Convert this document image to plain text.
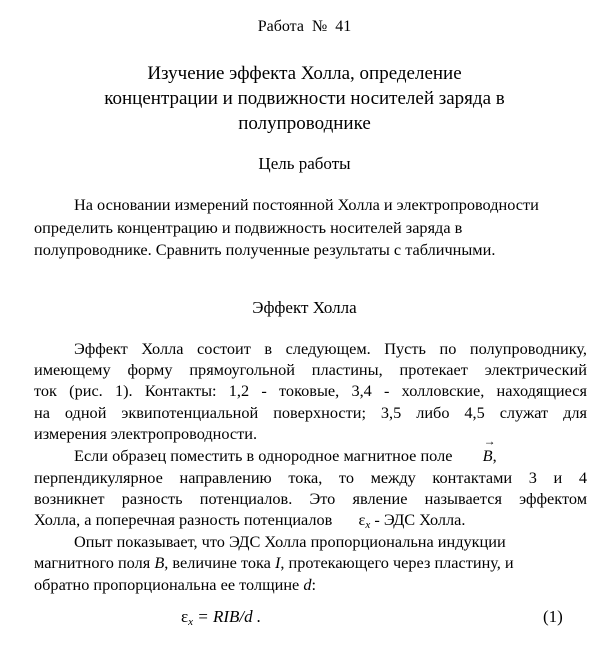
Работа № 41
Изучение эффекта Холла, определение
концентрации и подвижности носителей заряда в
полупроводнике
Цель работы
На основании измерений постоянной Холла и электропроводности
определить концентрацию и подвижность носителей заряда в
полупроводнике. Сравнить полученные результаты с табличными.
Эффект Холла
Эффект Холла состоит в следующем. Пусть по полупроводнику,
имеющему форму прямоугольной пластины, протекает электрический
ток (рис. 1). Контакты: 1,2 - токовые, 3,4 - холловские, находящиеся
на одной эквипотенциальной поверхности; 3,5 либо 4,5 служат для
измерения электропроводности.
Если образец поместить в однородное магнитное поле  → B,
перпендикулярное направлению тока, то между контактами 3 и 4
возникнет разность потенциалов. Это явление называется эффектом
Холла, а поперечная разность потенциалов $\varepsilon_x$ - ЭДС Холла.
Опыт показывает, что ЭДС Холла пропорциональна индукции
магнитного поля B, величине тока I, протекающего через пластину, и
обратно пропорциональна ее толщине d:
$\varepsilon_x = RIB/d$ .	(1)
